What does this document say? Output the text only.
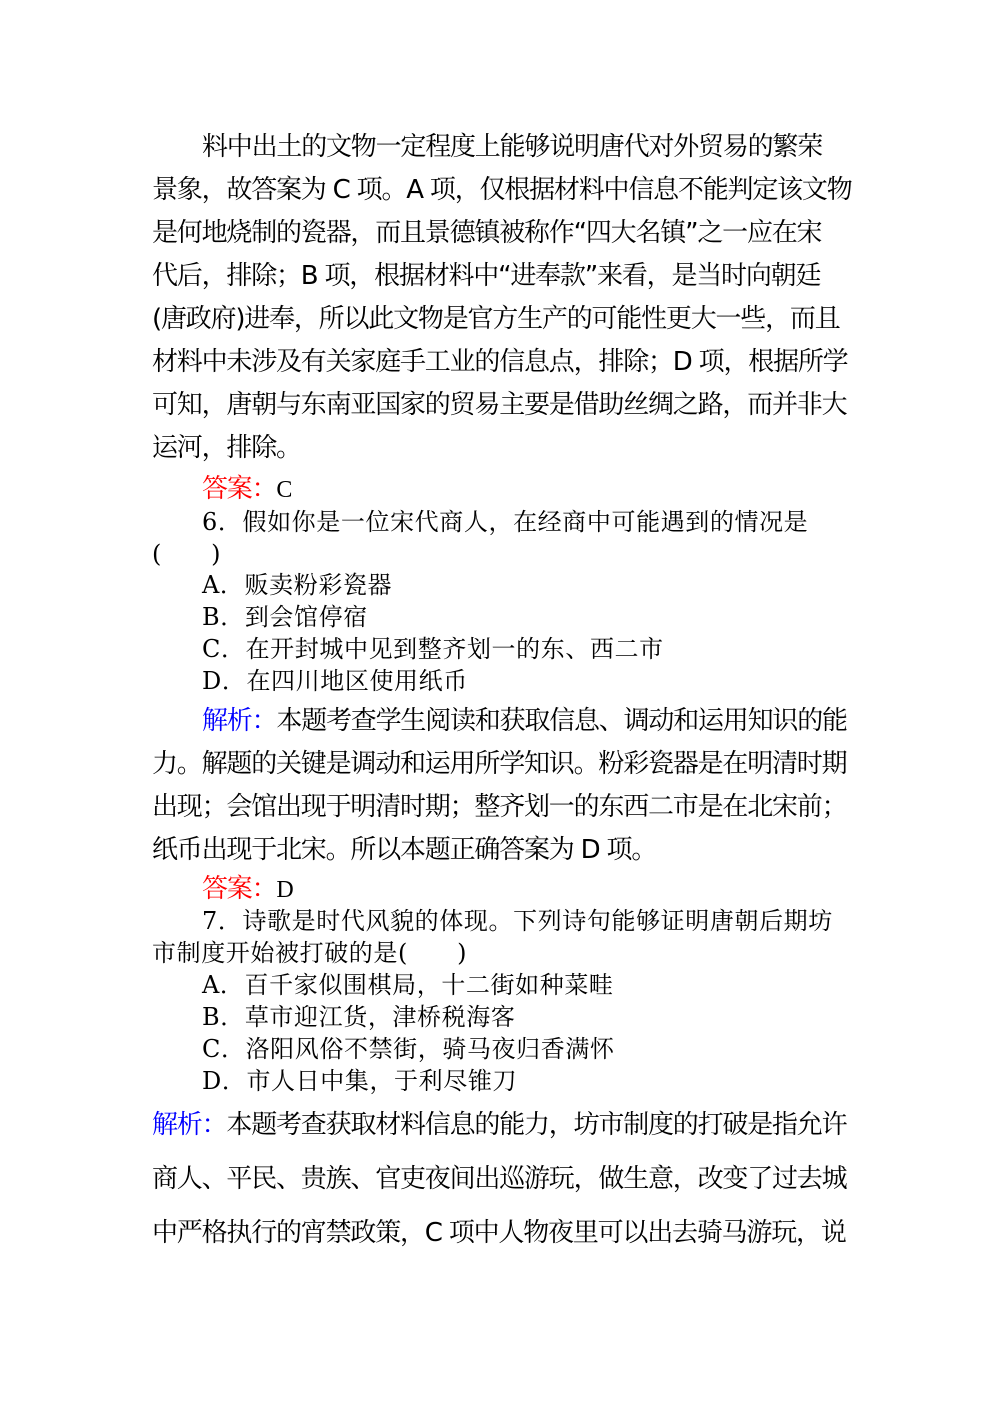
料中出土的文物一定程度上能够说明唐代对外贸易的繁荣
景象，故答案为 C 项。A 项，仅根据材料中信息不能判定该文物
是何地烧制的瓷器，而且景德镇被称作“四大名镇”之一应在宋
代后，排除；B 项，根据材料中“进奉款”来看，是当时向朝廷
(唐政府)进奉，所以此文物是官方生产的可能性更大一些，而且
材料中未涉及有关家庭手工业的信息点，排除；D 项，根据所学
可知，唐朝与东南亚国家的贸易主要是借助丝绸之路，而并非大
运河，排除。
答案：C
6．假如你是一位宋代商人，在经商中可能遇到的情况是
(　　)
A．贩卖粉彩瓷器
B．到会馆停宿
C．在开封城中见到整齐划一的东、西二市
D．在四川地区使用纸币
解析：本题考查学生阅读和获取信息、调动和运用知识的能
力。解题的关键是调动和运用所学知识。粉彩瓷器是在明清时期
出现；会馆出现于明清时期；整齐划一的东西二市是在北宋前；
纸币出现于北宋。所以本题正确答案为 D 项。
答案：D
7．诗歌是时代风貌的体现。下列诗句能够证明唐朝后期坊
市制度开始被打破的是(　　)
A．百千家似围棋局，十二街如种菜畦
B．草市迎江货，津桥税海客
C．洛阳风俗不禁街，骑马夜归香满怀
D．市人日中集，于利尽锥刀
解析：本题考查获取材料信息的能力，坊市制度的打破是指允许
商人、平民、贵族、官吏夜间出巡游玩，做生意，改变了过去城
中严格执行的宵禁政策，C 项中人物夜里可以出去骑马游玩，说
